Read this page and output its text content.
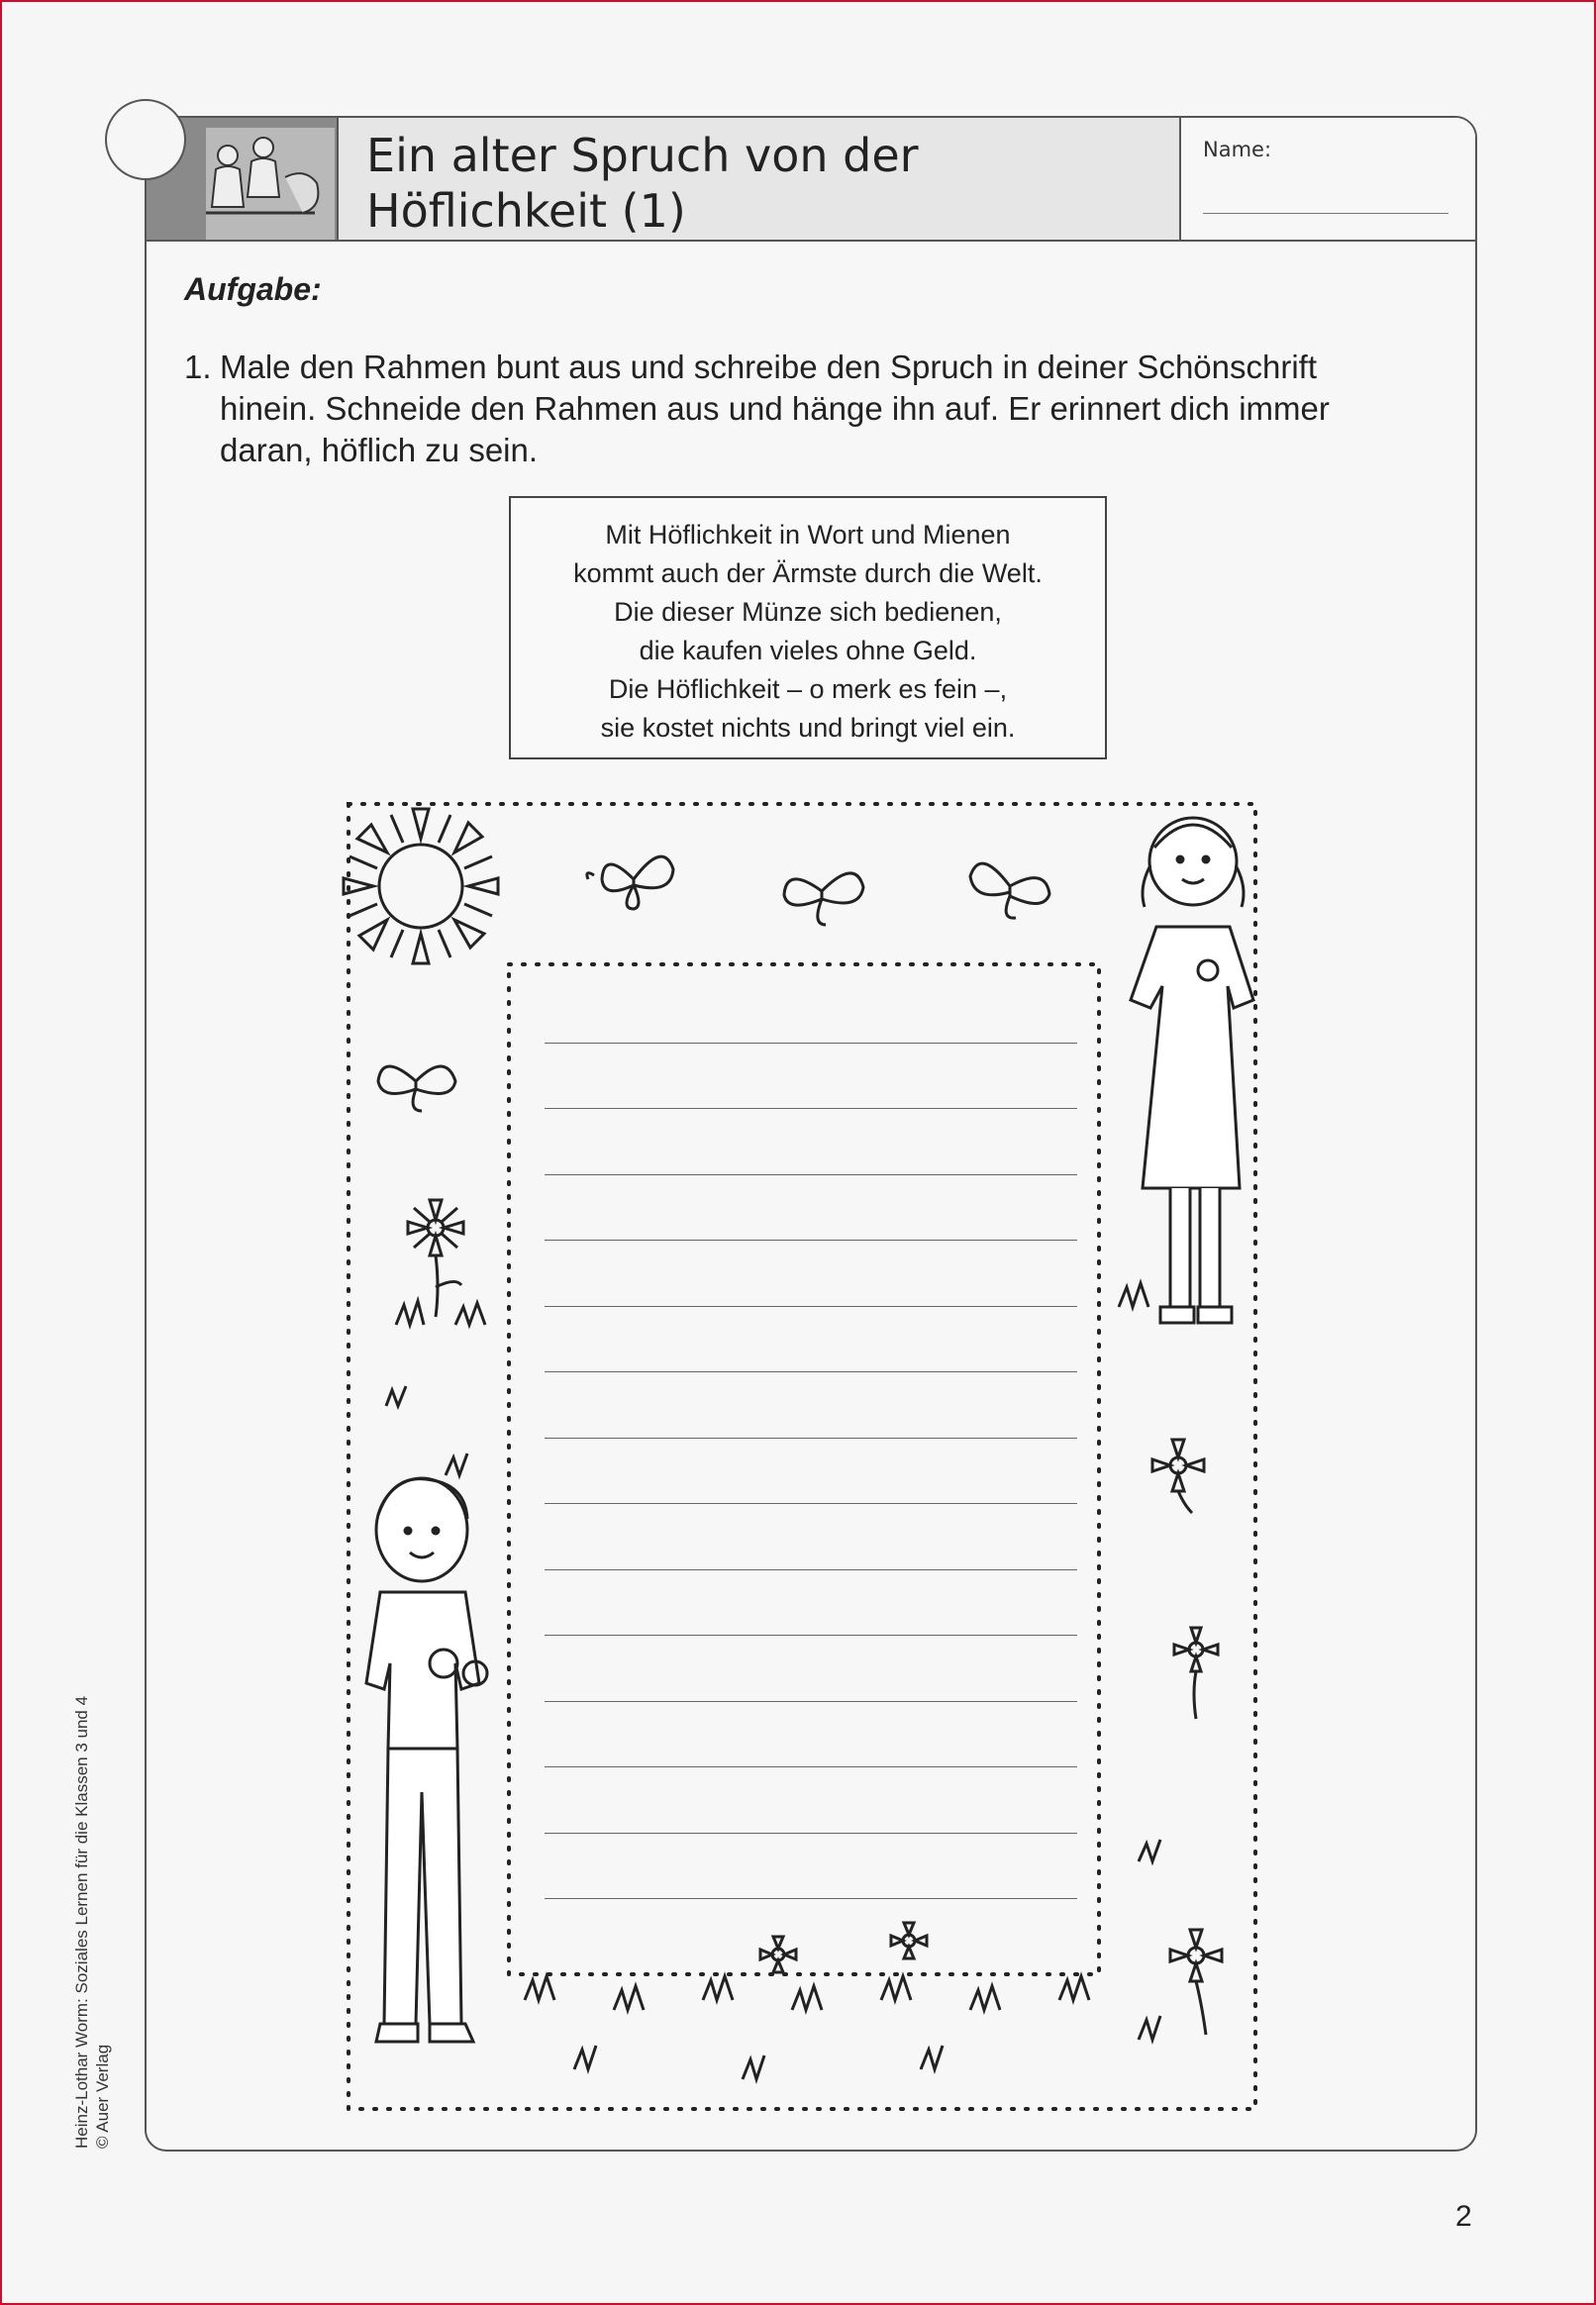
Ein alter Spruch von der
Höflichkeit (1)
Name:
Aufgabe:
1. Male den Rahmen bunt aus und schreibe den Spruch in deiner Schönschrift hinein. Schneide den Rahmen aus und hänge ihn auf. Er erinnert dich immer daran, höflich zu sein.
Mit Höflichkeit in Wort und Mienen
kommt auch der Ärmste durch die Welt.
Die dieser Münze sich bedienen,
die kaufen vieles ohne Geld.
Die Höflichkeit – o merk es fein –,
sie kostet nichts und bringt viel ein.
Heinz-Lothar Worm: Soziales Lernen für die Klassen 3 und 4 © Auer Verlag
2
